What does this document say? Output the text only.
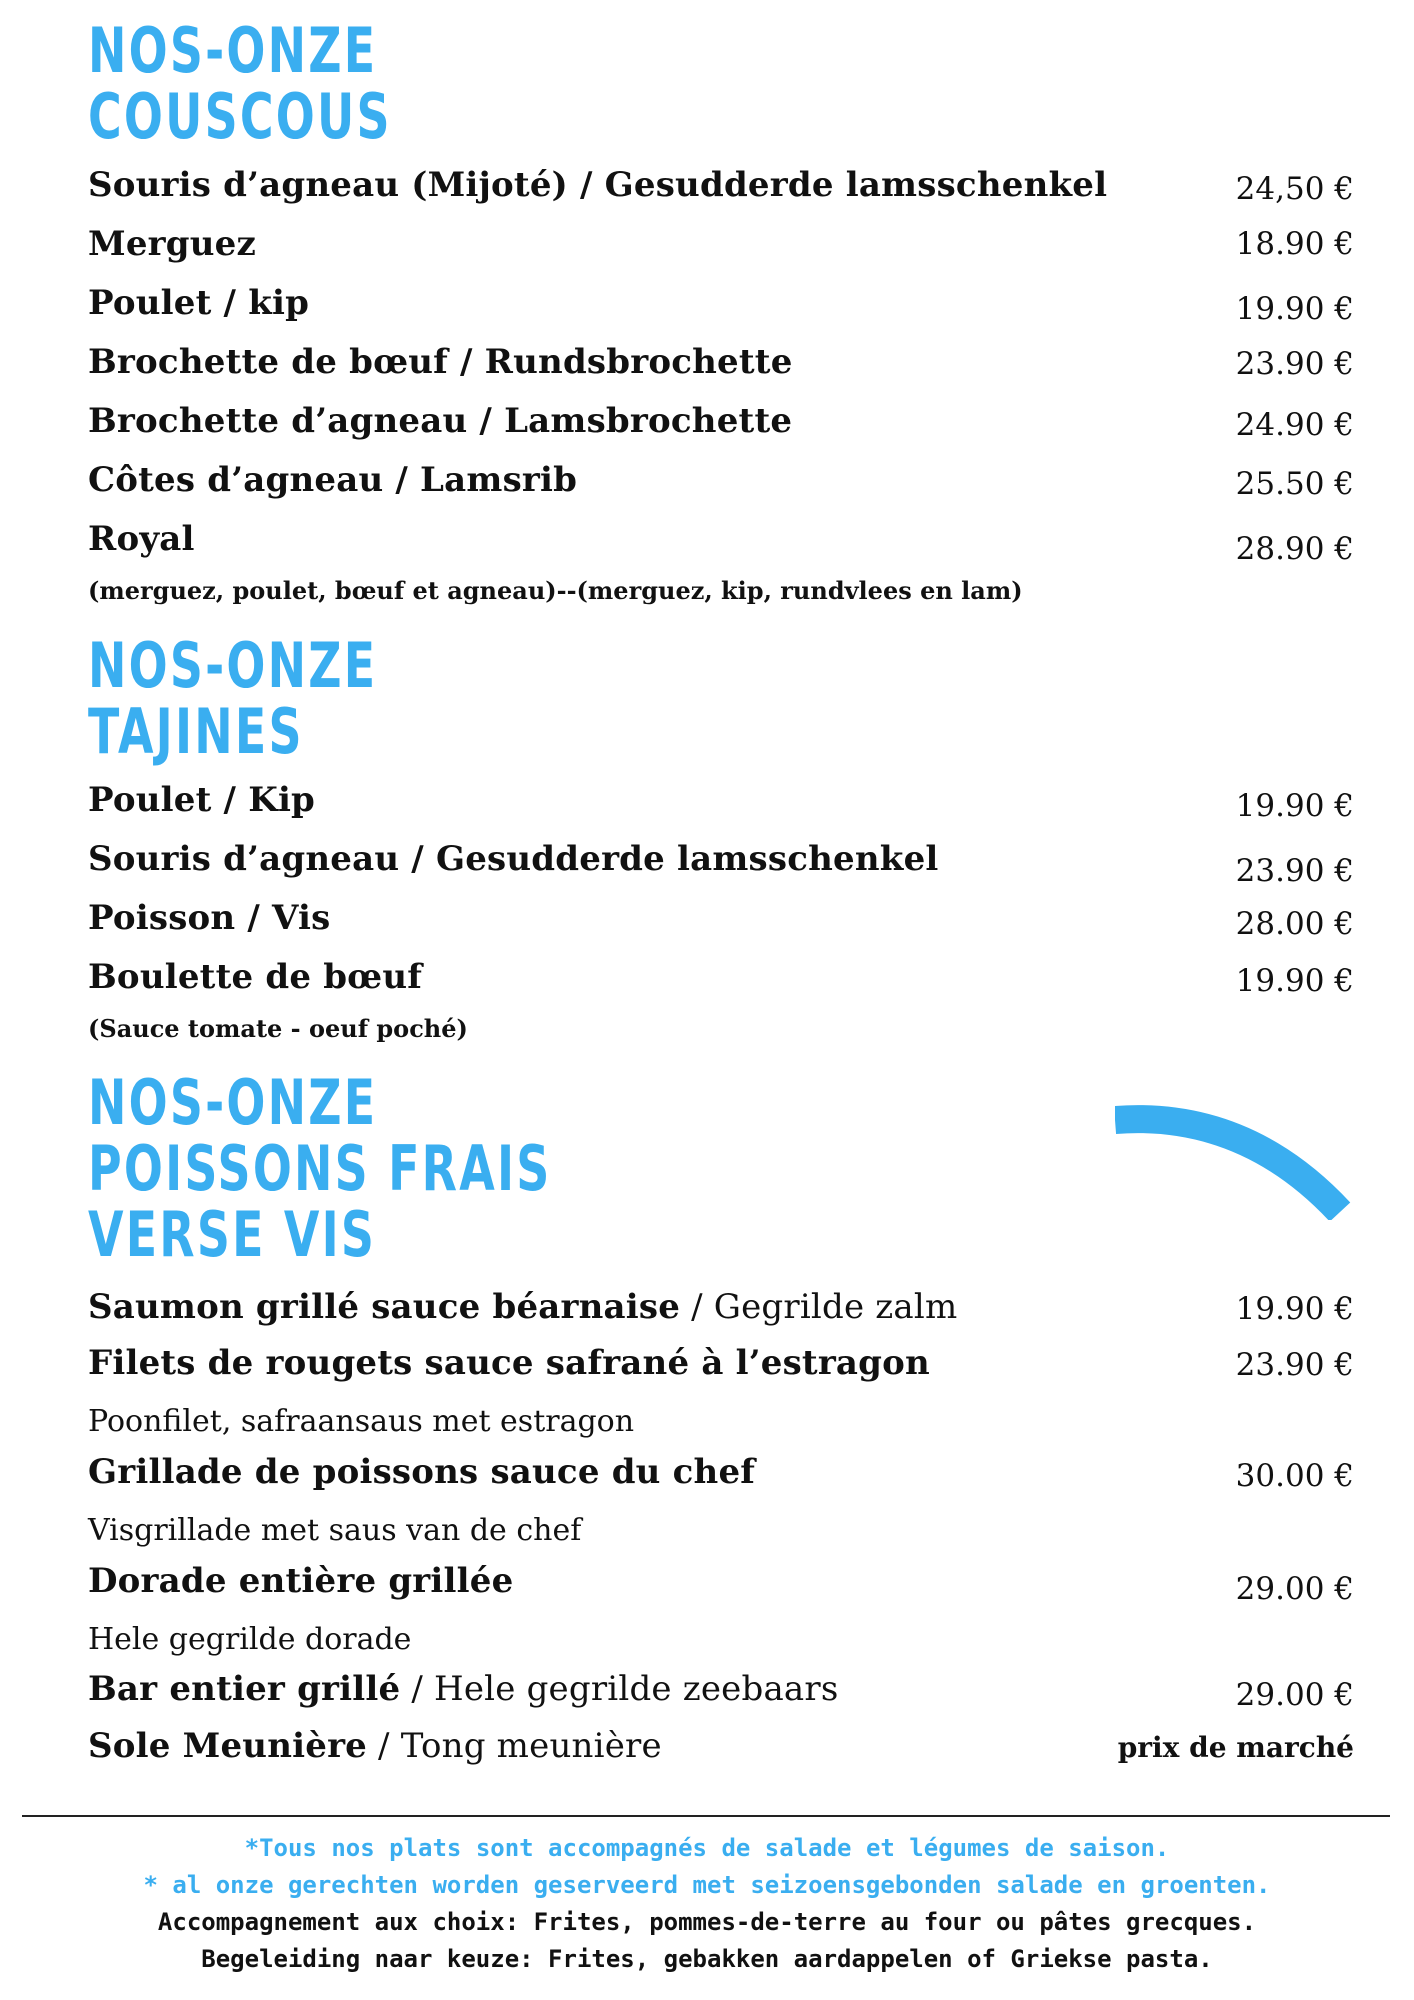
NOS-ONZE
COUSCOUS
Souris d’agneau (Mijoté) / Gesudderde lamsschenkel	24,50 €
Merguez	18.90 €
Poulet / kip	19.90 €
Brochette de bœuf / Rundsbrochette	23.90 €
Brochette d’agneau / Lamsbrochette	24.90 €
Côtes d’agneau / Lamsrib	25.50 €
Royal	28.90 €
(merguez, poulet, bœuf et agneau)--(merguez, kip, rundvlees en lam)
NOS-ONZE
TAJINES
Poulet / Kip	19.90 €
Souris d’agneau / Gesudderde lamsschenkel	23.90 €
Poisson / Vis	28.00 €
Boulette de bœuf	19.90 €
(Sauce tomate - oeuf poché)
NOS-ONZE
POISSONS FRAIS
VERSE VIS
Saumon grillé sauce béarnaise / Gegrilde zalm	19.90 €
Filets de rougets sauce safrané à l’estragon	23.90 €
Poonfilet, safraansaus met estragon
Grillade de poissons sauce du chef	30.00 €
Visgrillade met saus van de chef
Dorade entière grillée	29.00 €
Hele gegrilde dorade
Bar entier grillé / Hele gegrilde zeebaars	29.00 €
Sole Meunière / Tong meunière	prix de marché
*Tous nos plats sont accompagnés de salade et légumes de saison.
* al onze gerechten worden geserveerd met seizoensgebonden salade en groenten.
Accompagnement aux choix: Frites, pommes-de-terre au four ou pâtes grecques.
Begeleiding naar keuze: Frites, gebakken aardappelen of Griekse pasta.
